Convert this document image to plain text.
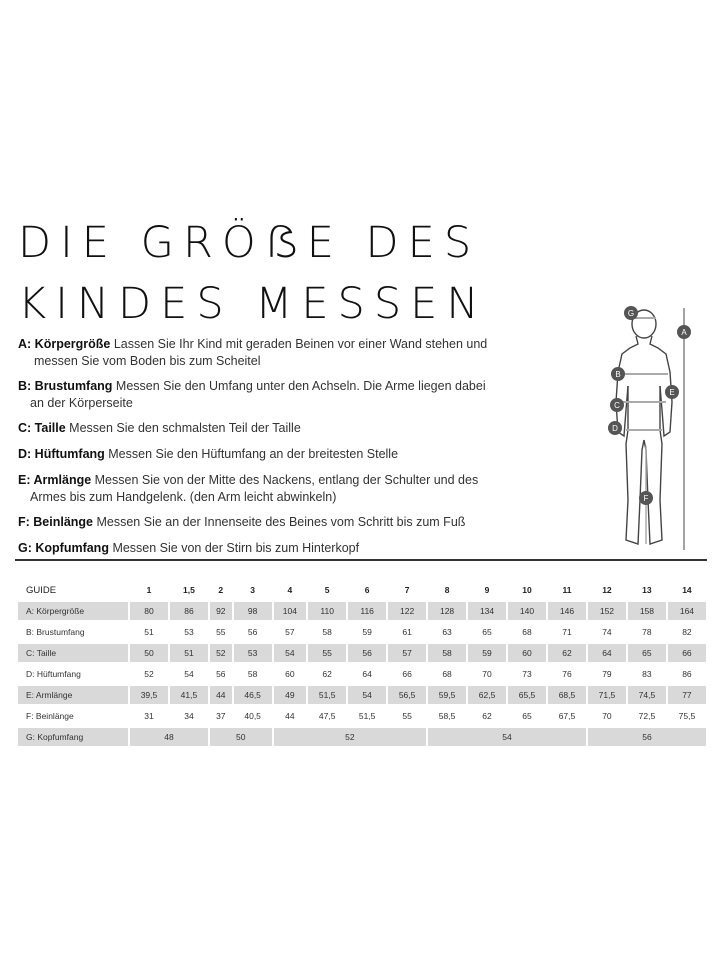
DIE GRÖẞE DES
KINDES MESSEN
A: Körpergröße Lassen Sie Ihr Kind mit geraden Beinen vor einer Wand stehen und
messen Sie vom Boden bis zum Scheitel
B: Brustumfang Messen Sie den Umfang unter den Achseln. Die Arme liegen dabei
an der Körperseite
C: Taille Messen Sie den schmalsten Teil der Taille
D: Hüftumfang Messen Sie den Hüftumfang an der breitesten Stelle
E: Armlänge Messen Sie von der Mitte des Nackens, entlang der Schulter und des
Armes bis zum Handgelenk. (den Arm leicht abwinkeln)
F: Beinlänge Messen Sie an der Innenseite des Beines vom Schritt bis zum Fuß
G: Kopfumfang Messen Sie von der Stirn bis zum Hinterkopf
G
A
B
E
C
D
F
GUIDE	1	1,5	2	3	4	5	6	7	8	9	10	11	12	13	14
A: Körpergröße	80	86	92	98	104	110	116	122	128	134	140	146	152	158	164
B: Brustumfang	51	53	55	56	57	58	59	61	63	65	68	71	74	78	82
C: Taille	50	51	52	53	54	55	56	57	58	59	60	62	64	65	66
D: Hüftumfang	52	54	56	58	60	62	64	66	68	70	73	76	79	83	86
E: Armlänge	39,5	41,5	44	46,5	49	51,5	54	56,5	59,5	62,5	65,5	68,5	71,5	74,5	77
F: Beinlänge	31	34	37	40,5	44	47,5	51,5	55	58,5	62	65	67,5	70	72,5	75,5
G: Kopfumfang	48		50		52				54				56		
